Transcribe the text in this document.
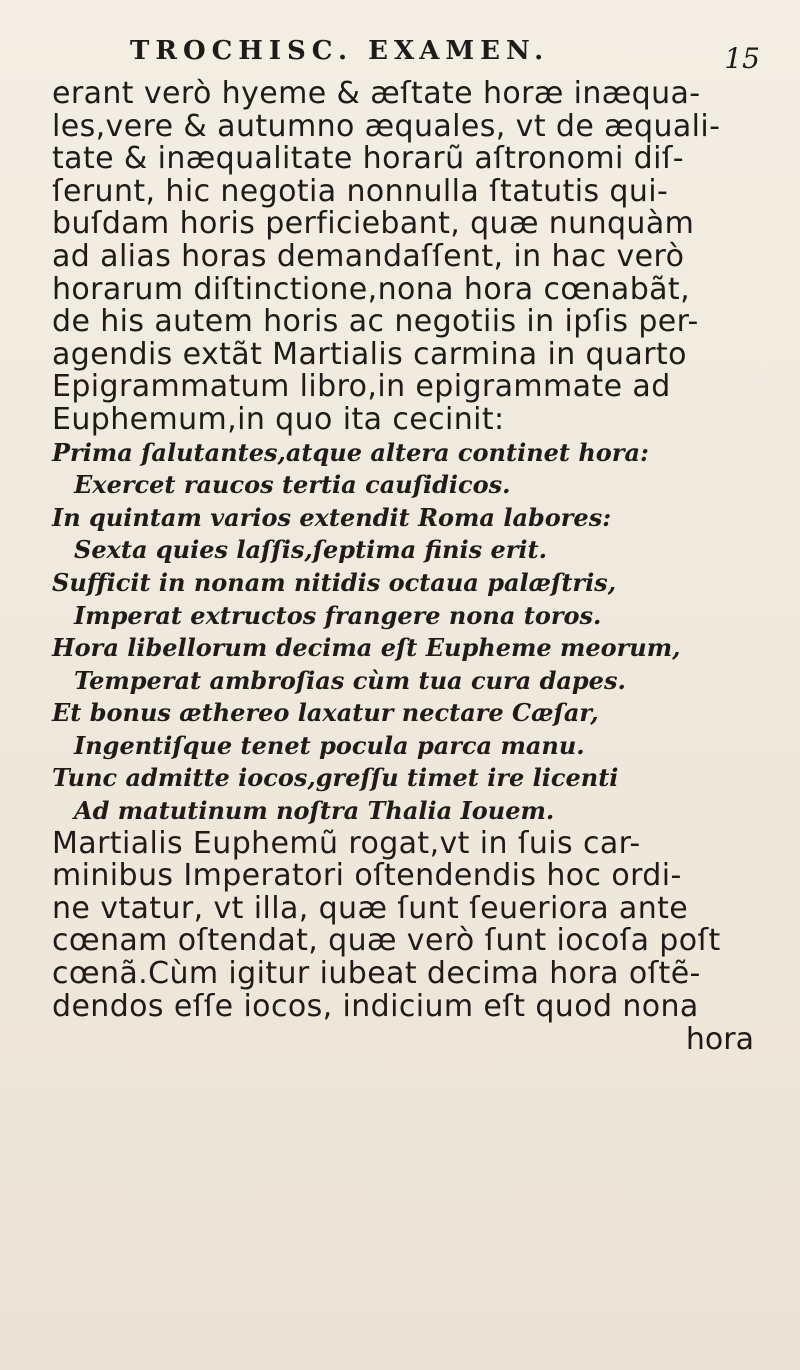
TROCHISC. EXAMEN.	15

erant verò hyeme & æſtate horæ inæqua-
les,vere & autumno æquales, vt de æquali-
tate & inæqualitate horarũ aſtronomi diſ-
ſerunt, hic negotia nonnulla ſtatutis qui-
buſdam horis perficiebant, quæ nunquàm
ad alias horas demandaſſent, in hac verò
horarum diſtinctione,nona hora cœnabãt,
de his autem horis ac negotiis in ipſis per-
agendis extãt Martialis carmina in quarto
Epigrammatum libro,in epigrammate ad
Euphemum,in quo ita cecinit:

Prima ſalutantes,atque altera continet hora:
Exercet raucos tertia cauſidicos.
In quintam varios extendit Roma labores:
Sexta quies laſſis,ſeptima finis erit.
Sufficit in nonam nitidis octaua palæſtris,
Imperat extructos frangere nona toros.
Hora libellorum decima eſt Eupheme meorum,
Temperat ambroſias cùm tua cura dapes.
Et bonus æthereo laxatur nectare Cæſar,
Ingentiſque tenet pocula parca manu.
Tunc admitte iocos,greſſu timet ire licenti
Ad matutinum noſtra Thalia Iouem.

Martialis Euphemũ rogat,vt in ſuis car-
minibus Imperatori oſtendendis hoc ordi-
ne vtatur, vt illa, quæ ſunt ſeueriora ante
cœnam oſtendat, quæ verò ſunt iocoſa poſt
cœnã.Cùm igitur iubeat decima hora oſtẽ-
dendos eſſe iocos, indicium eſt quod nona

hora
